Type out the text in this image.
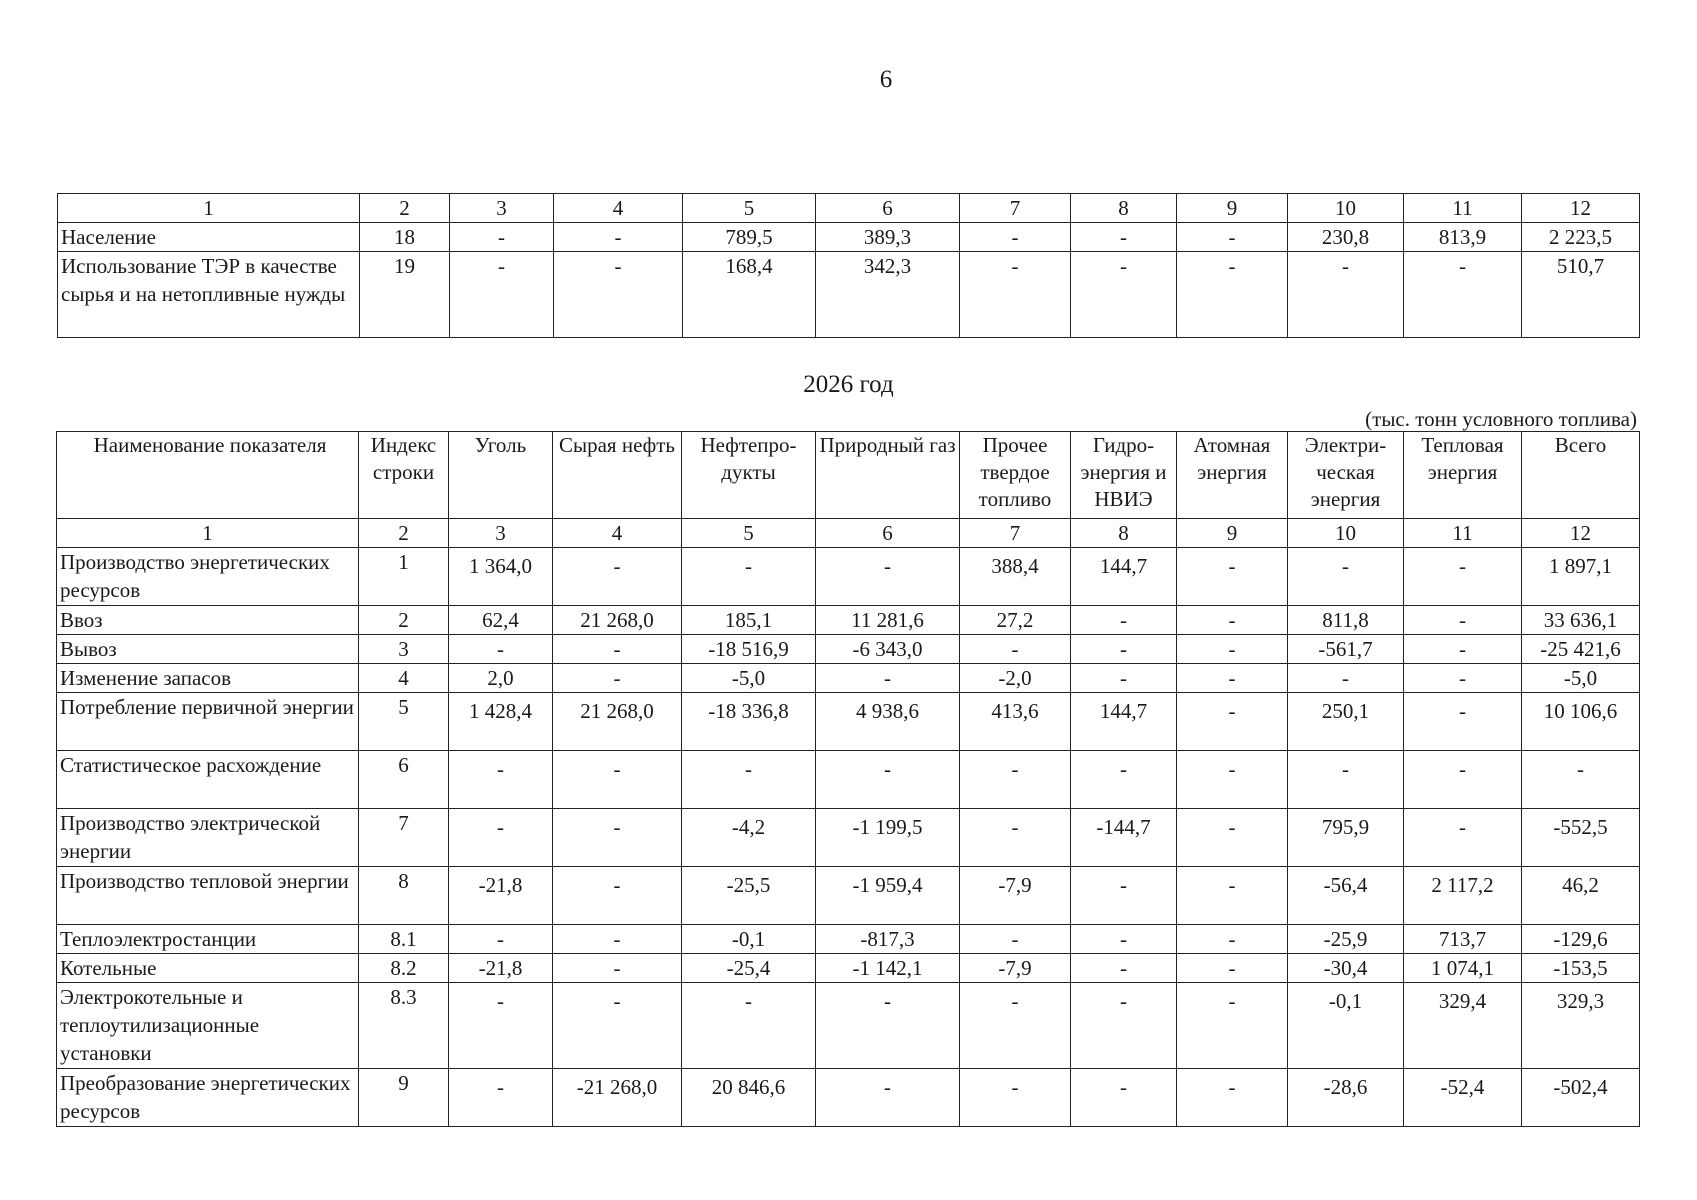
6
1	2	3	4	5	6	7	8	9	10	11	12
Население	18	-	-	789,5	389,3	-	-	-	230,8	813,9	2 223,5
Использование ТЭР в качестве сырья и на нетопливные нужды	19	-	-	168,4	342,3	-	-	-	-	-	510,7
2026 год
(тыс. тонн условного топлива)
Наименование показателя	Индекс строки	Уголь	Сырая нефть	Нефтепро-дукты	Природный газ	Прочее твердое топливо	Гидро-энергия и НВИЭ	Атомная энергия	Электри-ческая энергия	Тепловая энергия	Всего
1	2	3	4	5	6	7	8	9	10	11	12
Производство энергетических ресурсов	1	1 364,0	-	-	-	388,4	144,7	-	-	-	1 897,1
Ввоз	2	62,4	21 268,0	185,1	11 281,6	27,2	-	-	811,8	-	33 636,1
Вывоз	3	-	-	-18 516,9	-6 343,0	-	-	-	-561,7	-	-25 421,6
Изменение запасов	4	2,0	-	-5,0	-	-2,0	-	-	-	-	-5,0
Потребление первичной энергии	5	1 428,4	21 268,0	-18 336,8	4 938,6	413,6	144,7	-	250,1	-	10 106,6
Статистическое расхождение	6	-	-	-	-	-	-	-	-	-	-
Производство электрической энергии	7	-	-	-4,2	-1 199,5	-	-144,7	-	795,9	-	-552,5
Производство тепловой энергии	8	-21,8	-	-25,5	-1 959,4	-7,9	-	-	-56,4	2 117,2	46,2
Теплоэлектростанции	8.1	-	-	-0,1	-817,3	-	-	-	-25,9	713,7	-129,6
Котельные	8.2	-21,8	-	-25,4	-1 142,1	-7,9	-	-	-30,4	1 074,1	-153,5
Электрокотельные и теплоутилизационные установки	8.3	-	-	-	-	-	-	-	-0,1	329,4	329,3
Преобразование энергетических ресурсов	9	-	-21 268,0	20 846,6	-	-	-	-	-28,6	-52,4	-502,4
